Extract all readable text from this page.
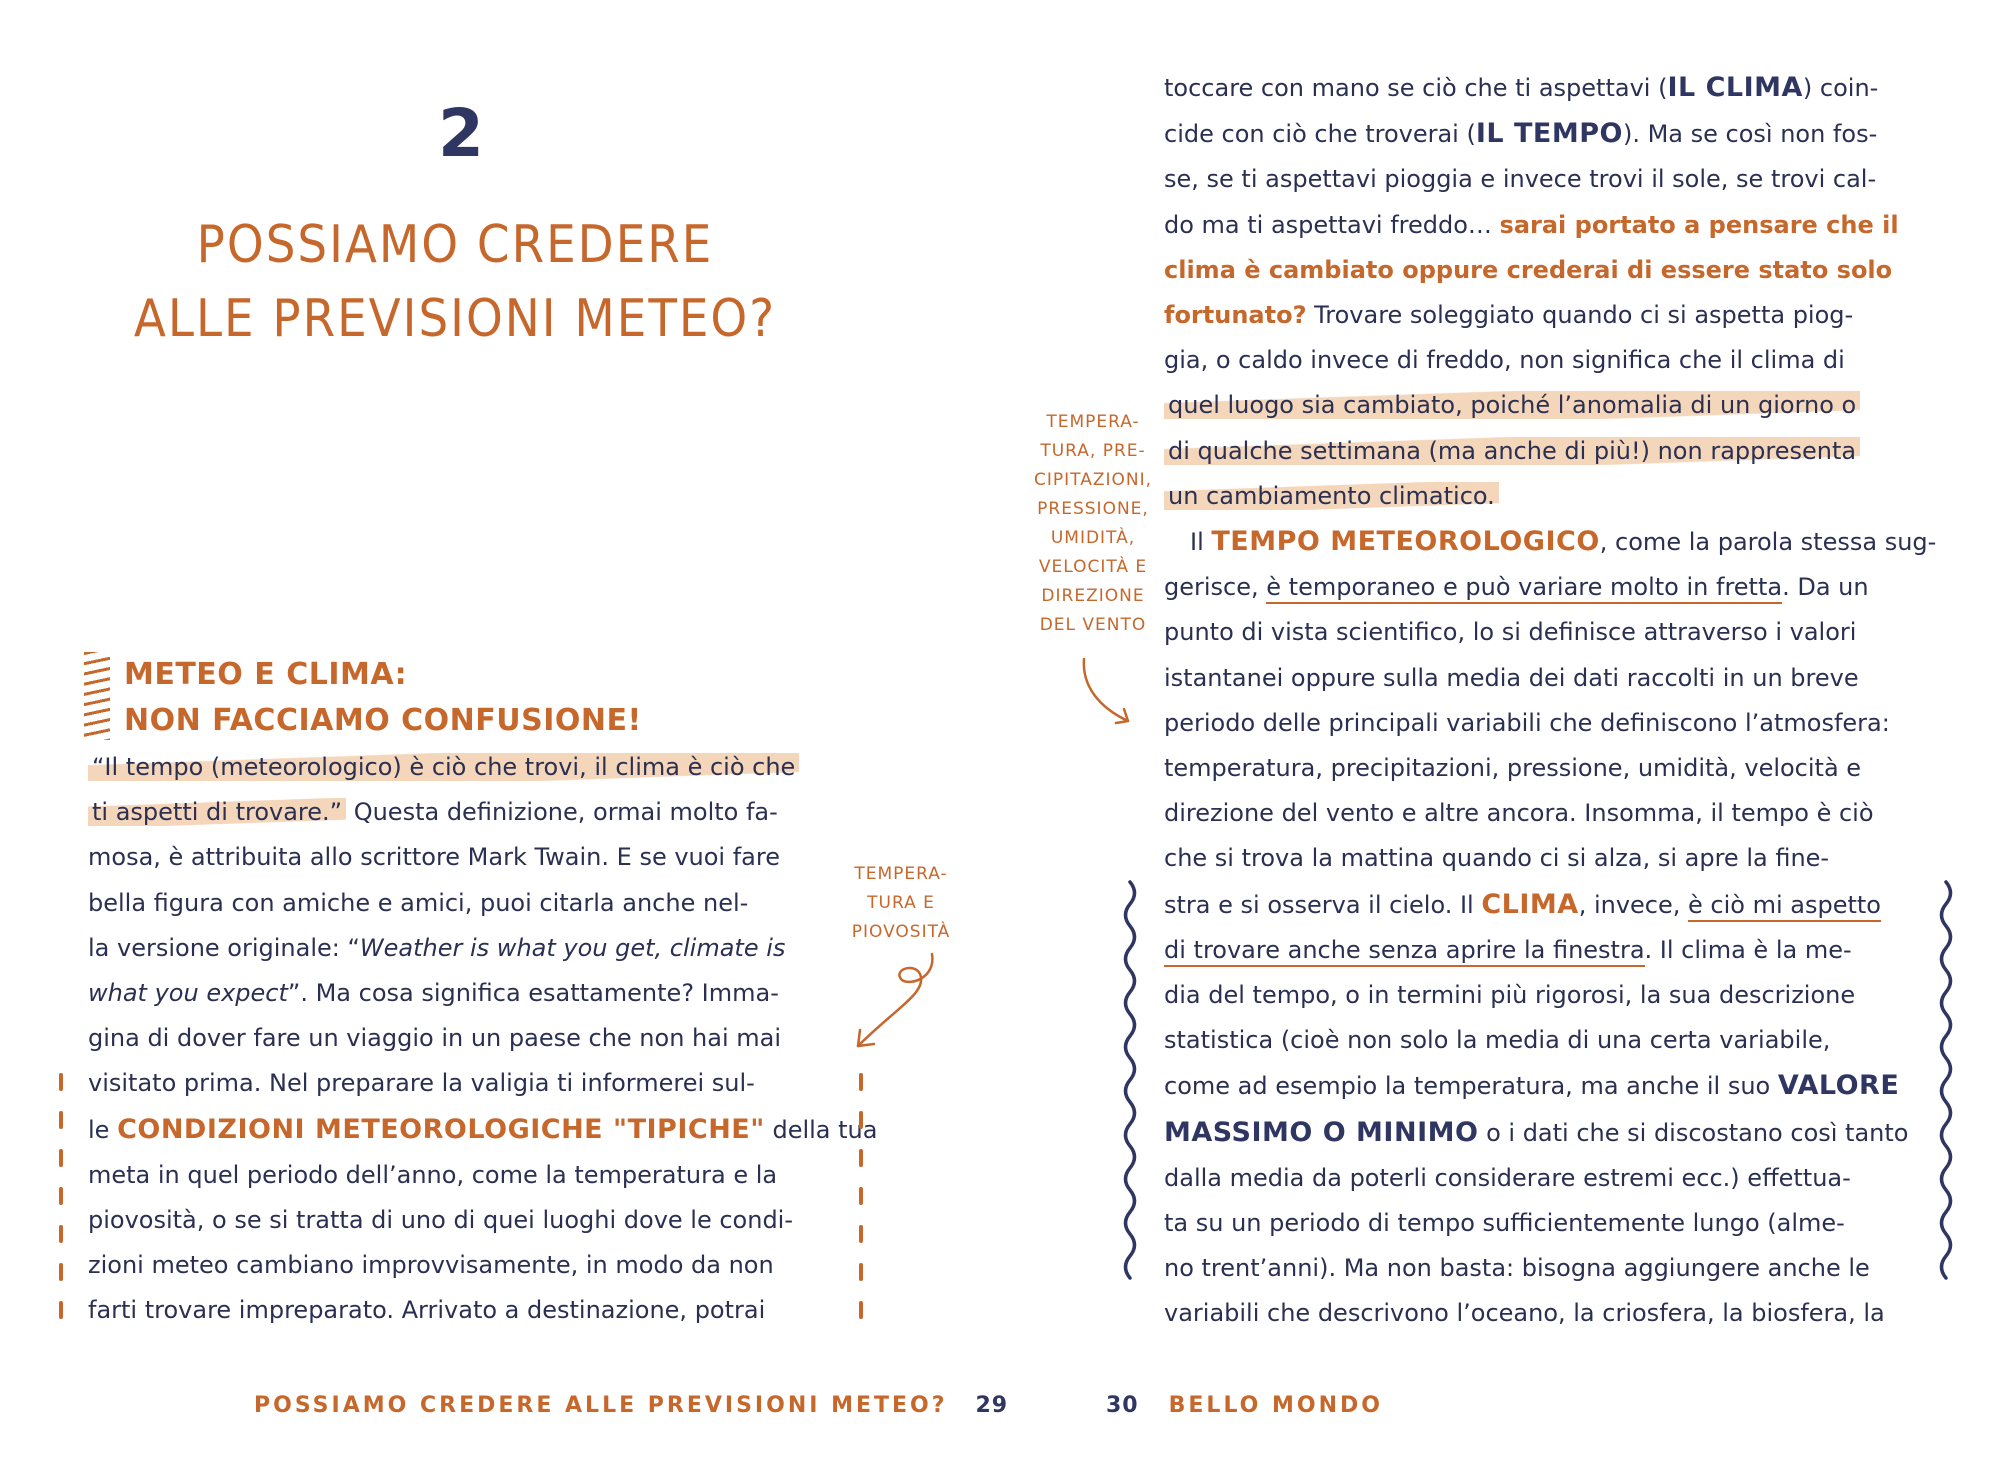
2
POSSIAMO CREDERE
ALLE PREVISIONI METEO?
METEO E CLIMA:
NON FACCIAMO CONFUSIONE!
“Il tempo (meteorologico) è ciò che trovi, il clima è ciò che
ti aspetti di trovare.” Questa definizione, ormai molto fa-
mosa, è attribuita allo scrittore Mark Twain. E se vuoi fare
bella figura con amiche e amici, puoi citarla anche nel-
la versione originale: “Weather is what you get, climate is
what you expect”. Ma cosa significa esattamente? Imma-
gina di dover fare un viaggio in un paese che non hai mai
visitato prima. Nel preparare la valigia ti informerei sul-
le CONDIZIONI METEOROLOGICHE "TIPICHE" della tua
meta in quel periodo dell’anno, come la temperatura e la
piovosità, o se si tratta di uno di quei luoghi dove le condi-
zioni meteo cambiano improvvisamente, in modo da non
farti trovare impreparato. Arrivato a destinazione, potrai
TEMPERA-
TURA E
PIOVOSITÀ
POSSIAMO CREDERE ALLE PREVISIONI METEO? 29
toccare con mano se ciò che ti aspettavi (IL CLIMA) coin-
cide con ciò che troverai (IL TEMPO). Ma se così non fos-
se, se ti aspettavi pioggia e invece trovi il sole, se trovi cal-
do ma ti aspettavi freddo… sarai portato a pensare che il
clima è cambiato oppure crederai di essere stato solo
fortunato? Trovare soleggiato quando ci si aspetta piog-
gia, o caldo invece di freddo, non significa che il clima di
quel luogo sia cambiato, poiché l’anomalia di un giorno o
di qualche settimana (ma anche di più!) non rappresenta
un cambiamento climatico.
Il TEMPO METEOROLOGICO, come la parola stessa sug-
gerisce, è temporaneo e può variare molto in fretta. Da un
punto di vista scientifico, lo si definisce attraverso i valori
istantanei oppure sulla media dei dati raccolti in un breve
periodo delle principali variabili che definiscono l’atmosfera:
temperatura, precipitazioni, pressione, umidità, velocità e
direzione del vento e altre ancora. Insomma, il tempo è ciò
che si trova la mattina quando ci si alza, si apre la fine-
stra e si osserva il cielo. Il CLIMA, invece, è ciò mi aspetto
di trovare anche senza aprire la finestra. Il clima è la me-
dia del tempo, o in termini più rigorosi, la sua descrizione
statistica (cioè non solo la media di una certa variabile,
come ad esempio la temperatura, ma anche il suo VALORE
MASSIMO O MINIMO o i dati che si discostano così tanto
dalla media da poterli considerare estremi ecc.) effettua-
ta su un periodo di tempo sufficientemente lungo (alme-
no trent’anni). Ma non basta: bisogna aggiungere anche le
variabili che descrivono l’oceano, la criosfera, la biosfera, la
TEMPERA-
TURA, PRE-
CIPITAZIONI,
PRESSIONE,
UMIDITÀ,
VELOCITÀ E
DIREZIONE
DEL VENTO
30 BELLO MONDO
